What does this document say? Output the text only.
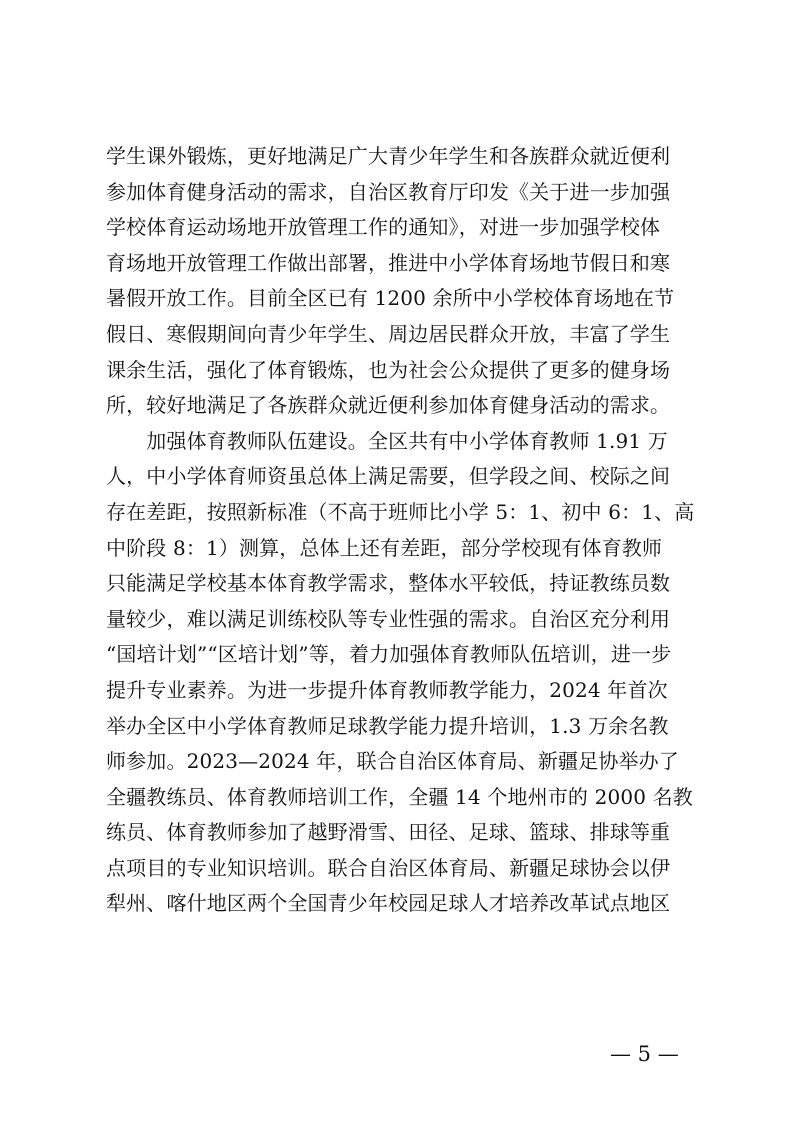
学生课外锻炼，更好地满足广大青少年学生和各族群众就近便利
参加体育健身活动的需求，自治区教育厅印发《关于进一步加强
学校体育运动场地开放管理工作的通知》，对进一步加强学校体
育场地开放管理工作做出部署，推进中小学体育场地节假日和寒
暑假开放工作。目前全区已有 1200 余所中小学校体育场地在节
假日、寒假期间向青少年学生、周边居民群众开放，丰富了学生
课余生活，强化了体育锻炼，也为社会公众提供了更多的健身场
所，较好地满足了各族群众就近便利参加体育健身活动的需求。
　　加强体育教师队伍建设。全区共有中小学体育教师 1.91 万
人，中小学体育师资虽总体上满足需要，但学段之间、校际之间
存在差距，按照新标准（不高于班师比小学 5：1、初中 6：1、高
中阶段 8：1）测算，总体上还有差距，部分学校现有体育教师
只能满足学校基本体育教学需求，整体水平较低，持证教练员数
量较少，难以满足训练校队等专业性强的需求。自治区充分利用
“国培计划”“区培计划”等，着力加强体育教师队伍培训，进一步
提升专业素养。为进一步提升体育教师教学能力，2024 年首次
举办全区中小学体育教师足球教学能力提升培训，1.3 万余名教
师参加。2023—2024 年，联合自治区体育局、新疆足协举办了
全疆教练员、体育教师培训工作，全疆 14 个地州市的 2000 名教
练员、体育教师参加了越野滑雪、田径、足球、篮球、排球等重
点项目的专业知识培训。联合自治区体育局、新疆足球协会以伊
犁州、喀什地区两个全国青少年校园足球人才培养改革试点地区
— 5 —
